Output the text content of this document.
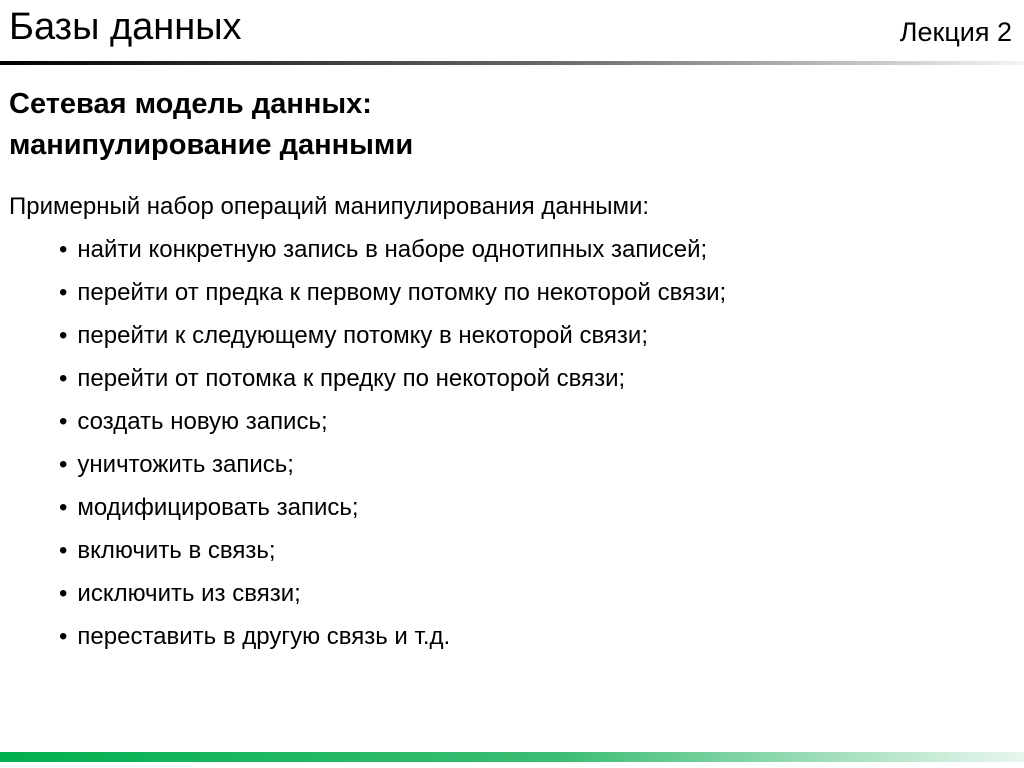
Базы данных	Лекция 2
Сетевая модель данных:
манипулирование данными

Примерный набор операций манипулирования данными:

• найти конкретную запись в наборе однотипных записей;
• перейти от предка к первому потомку по некоторой связи;
• перейти к следующему потомку в некоторой связи;
• перейти от потомка к предку по некоторой связи;
• создать новую запись;
• уничтожить запись;
• модифицировать запись;
• включить в связь;
• исключить из связи;
• переставить в другую связь и т.д.
